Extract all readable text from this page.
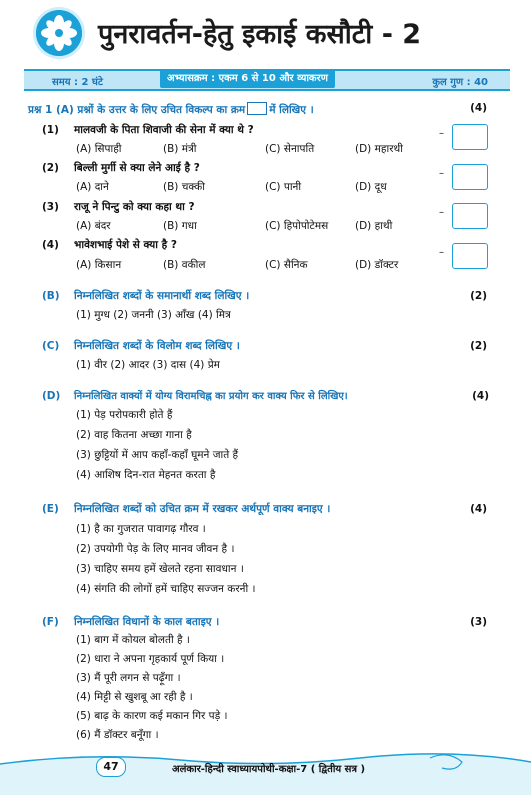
पुनरावर्तन-हेतु इकाई कसौटी - 2
समय : 2 घंटे	अभ्यासक्रम : एकम 6 से 10 और व्याकरण	कुल गुण : 40
प्रश्न 1 (A) प्रश्नों के उत्तर के लिए उचित विकल्प का क्रम में लिखिए ।	(4)
(1) मालवजी के पिता शिवाजी की सेना में क्या थे ?
(A) सिपाही	(B) मंत्री	(C) सेनापति	(D) महारथी
–
(2) बिल्ली मुर्गी से क्या लेने आई है ?
(A) दाने	(B) चक्की	(C) पानी	(D) दूध
–
(3) राजू ने पिन्टु को क्या कहा था ?
(A) बंदर	(B) गधा	(C) हिपोपोटेमस	(D) हाथी
–
(4) भावेशभाई पेशे से क्या है ?
(A) किसान	(B) वकील	(C) सैनिक	(D) डॉक्टर
–
(B) निम्नलिखित शब्दों के समानार्थी शब्द लिखिए ।	(2)
(1) मुग्ध (2) जननी (3) आँख (4) मित्र
(C) निम्नलिखित शब्दों के विलोम शब्द लिखिए ।	(2)
(1) वीर (2) आदर (3) दास (4) प्रेम
(D) निम्नलिखित वाक्यों में योग्य विरामचिह्न का प्रयोग कर वाक्य फिर से लिखिए।	(4)
(1) पेड़ परोपकारी होते हैं
(2) वाह कितना अच्छा गाना है
(3) छुट्टियों में आप कहाँ-कहाँ घूमने जाते हैं
(4) आशिष दिन-रात मेहनत करता है
(E) निम्नलिखित शब्दों को उचित क्रम में रखकर अर्थपूर्ण वाक्य बनाइए ।	(4)
(1) है का गुजरात पावागढ़ गौरव ।
(2) उपयोगी पेड़ के लिए मानव जीवन है ।
(3) चाहिए समय हमें खेलते रहना सावधान ।
(4) संगति की लोगों हमें चाहिए सज्जन करनी ।
(F) निम्नलिखित विधानों के काल बताइए ।	(3)
(1) बाग में कोयल बोलती है ।
(2) धारा ने अपना गृहकार्य पूर्ण किया ।
(3) मैं पूरी लगन से पढ़ूँगा ।
(4) मिट्टी से खुशबू आ रही है ।
(5) बाढ़ के कारण कई मकान गिर पड़े ।
(6) मैं डॉक्टर बनूँगा ।
47	अलंकार-हिन्दी स्वाध्यायपोथी-कक्षा-7 ( द्वितीय सत्र )
